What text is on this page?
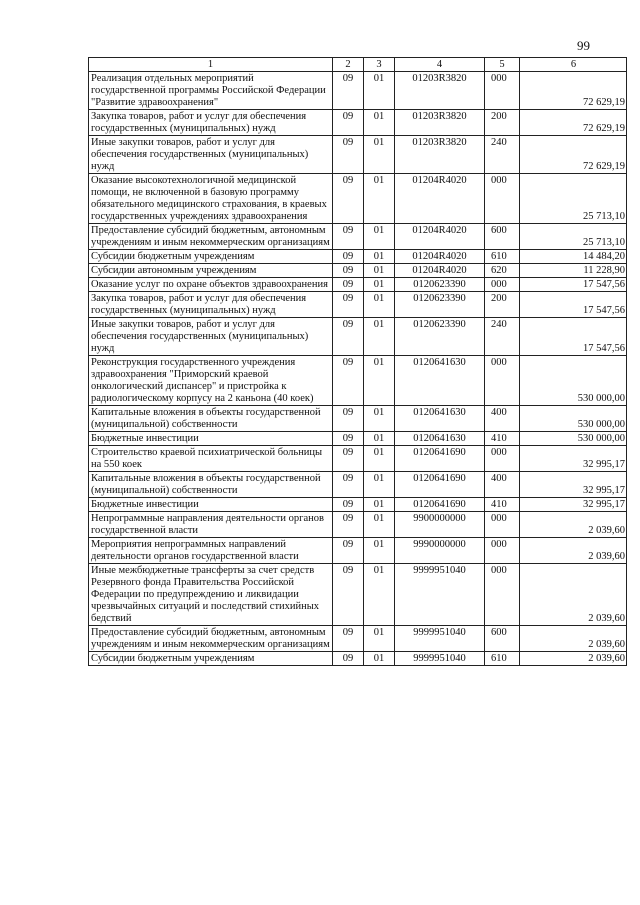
99
1	2	3	4	5	6
Реализация отдельных мероприятий государственной программы Российской Федерации "Развитие здравоохранения"	09	01	01203R3820	000	72 629,19
Закупка товаров, работ и услуг для обеспечения государственных (муниципальных) нужд	09	01	01203R3820	200	72 629,19
Иные закупки товаров, работ и услуг для обеспечения государственных (муниципальных) нужд	09	01	01203R3820	240	72 629,19
Оказание высокотехнологичной медицинской помощи, не включенной в базовую программу обязательного медицинского страхования, в краевых государственных учреждениях здравоохранения	09	01	01204R4020	000	25 713,10
Предоставление субсидий бюджетным, автономным учреждениям и иным некоммерческим организациям	09	01	01204R4020	600	25 713,10
Субсидии бюджетным учреждениям	09	01	01204R4020	610	14 484,20
Субсидии автономным учреждениям	09	01	01204R4020	620	11 228,90
Оказание услуг по охране объектов здравоохранения	09	01	0120623390	000	17 547,56
Закупка товаров, работ и услуг для обеспечения государственных (муниципальных) нужд	09	01	0120623390	200	17 547,56
Иные закупки товаров, работ и услуг для обеспечения государственных (муниципальных) нужд	09	01	0120623390	240	17 547,56
Реконструкция государственного учреждения здравоохранения "Приморский краевой онкологический диспансер" и пристройка к радиологическому корпусу на 2 каньона (40 коек)	09	01	0120641630	000	530 000,00
Капитальные вложения в объекты государственной (муниципальной) собственности	09	01	0120641630	400	530 000,00
Бюджетные инвестиции	09	01	0120641630	410	530 000,00
Строительство краевой психиатрической больницы на 550 коек	09	01	0120641690	000	32 995,17
Капитальные вложения в объекты государственной (муниципальной) собственности	09	01	0120641690	400	32 995,17
Бюджетные инвестиции	09	01	0120641690	410	32 995,17
Непрограммные направления деятельности органов государственной власти	09	01	9900000000	000	2 039,60
Мероприятия непрограммных направлений деятельности органов государственной власти	09	01	9990000000	000	2 039,60
Иные межбюджетные трансферты за счет средств Резервного фонда Правительства Российской Федерации по предупреждению и ликвидации чрезвычайных ситуаций и последствий стихийных бедствий	09	01	9999951040	000	2 039,60
Предоставление субсидий бюджетным, автономным учреждениям и иным некоммерческим организациям	09	01	9999951040	600	2 039,60
Субсидии бюджетным учреждениям	09	01	9999951040	610	2 039,60
